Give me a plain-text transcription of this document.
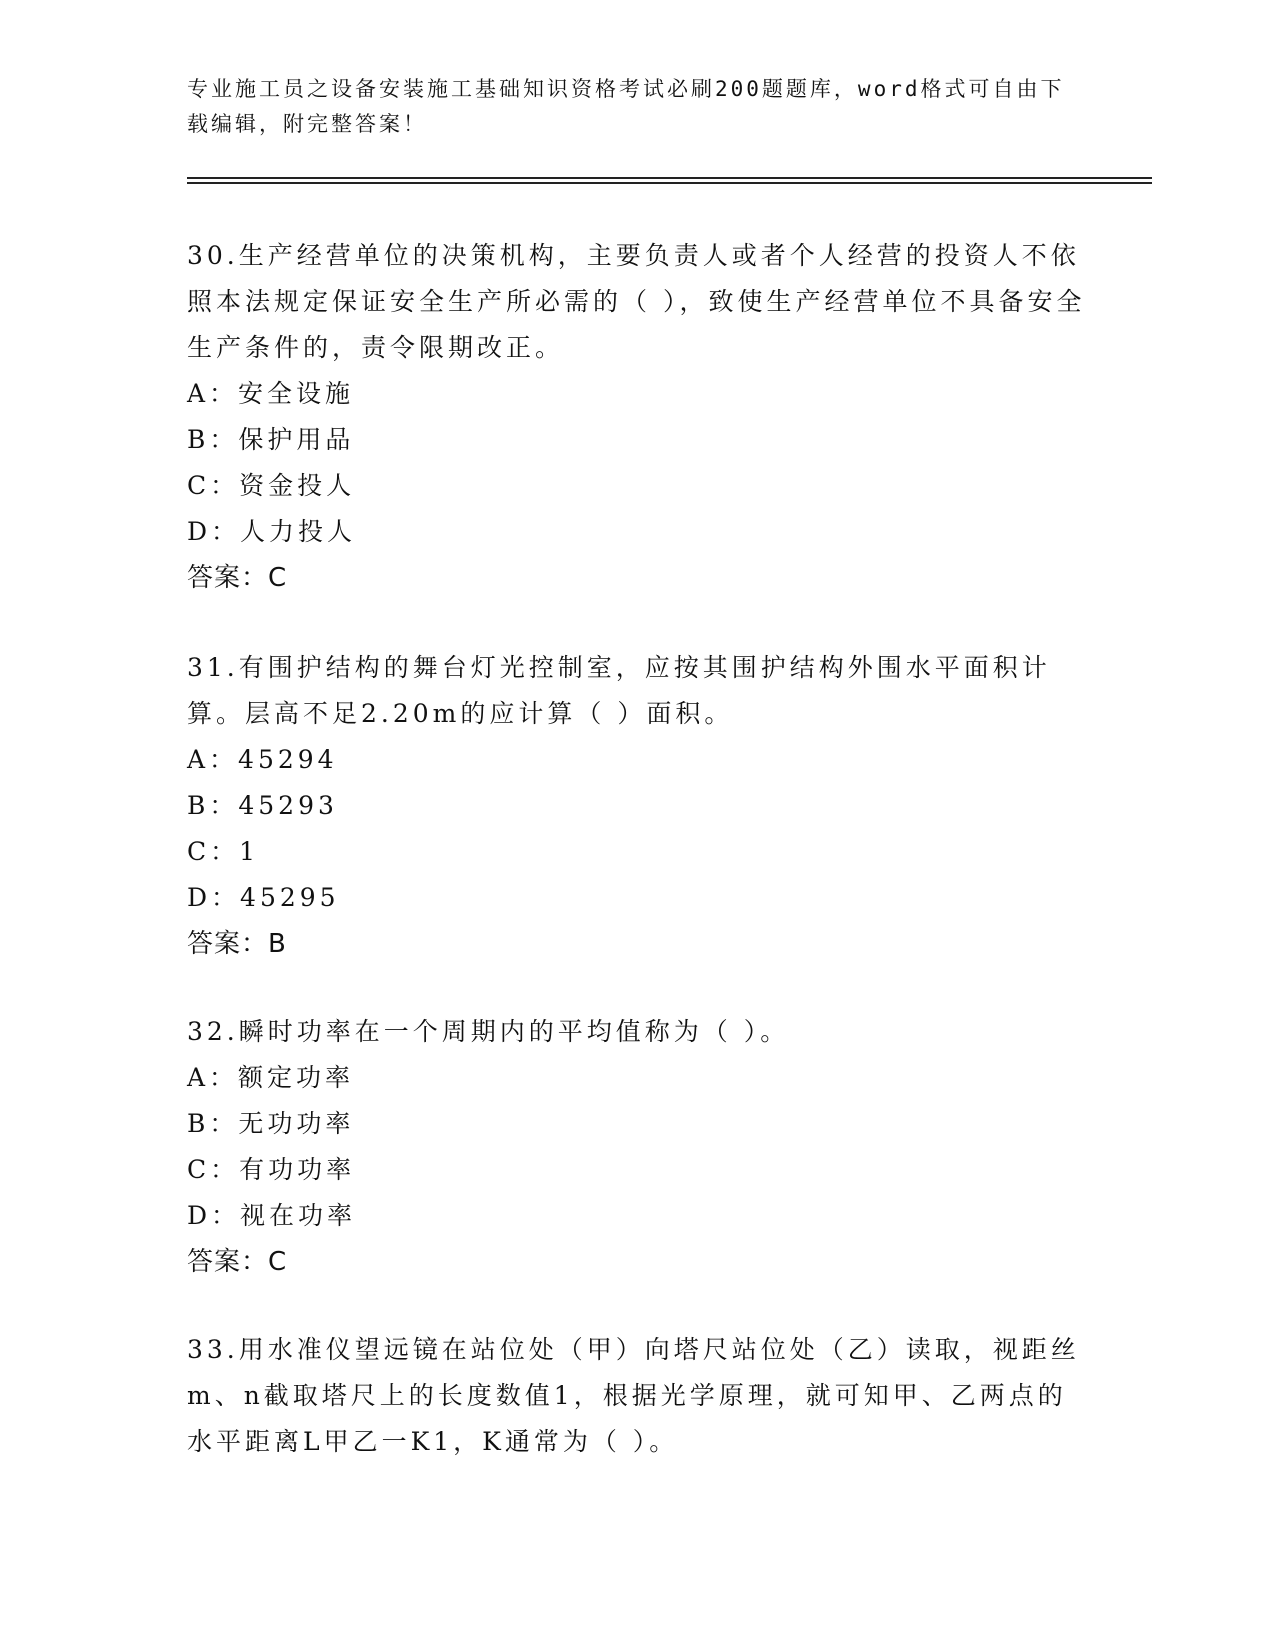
专业施工员之设备安装施工基础知识资格考试必刷200题题库，word格式可自由下载编辑，附完整答案！

30.生产经营单位的决策机构，主要负责人或者个人经营的投资人不依照本法规定保证安全生产所必需的（ ），致使生产经营单位不具备安全生产条件的，责令限期改正。

A：安全设施
B：保护用品
C：资金投人
D：人力投人
答案：C

31.有围护结构的舞台灯光控制室，应按其围护结构外围水平面积计算。层高不足2.20m的应计算（ ）面积。

A：45294
B：45293
C：1
D：45295
答案：B

32.瞬时功率在一个周期内的平均值称为（ ）。

A：额定功率
B：无功功率
C：有功功率
D：视在功率
答案：C

33.用水准仪望远镜在站位处（甲）向塔尺站位处（乙）读取，视距丝m、n截取塔尺上的长度数值1，根据光学原理，就可知甲、乙两点的水平距离L甲乙一K1，K通常为（ ）。
